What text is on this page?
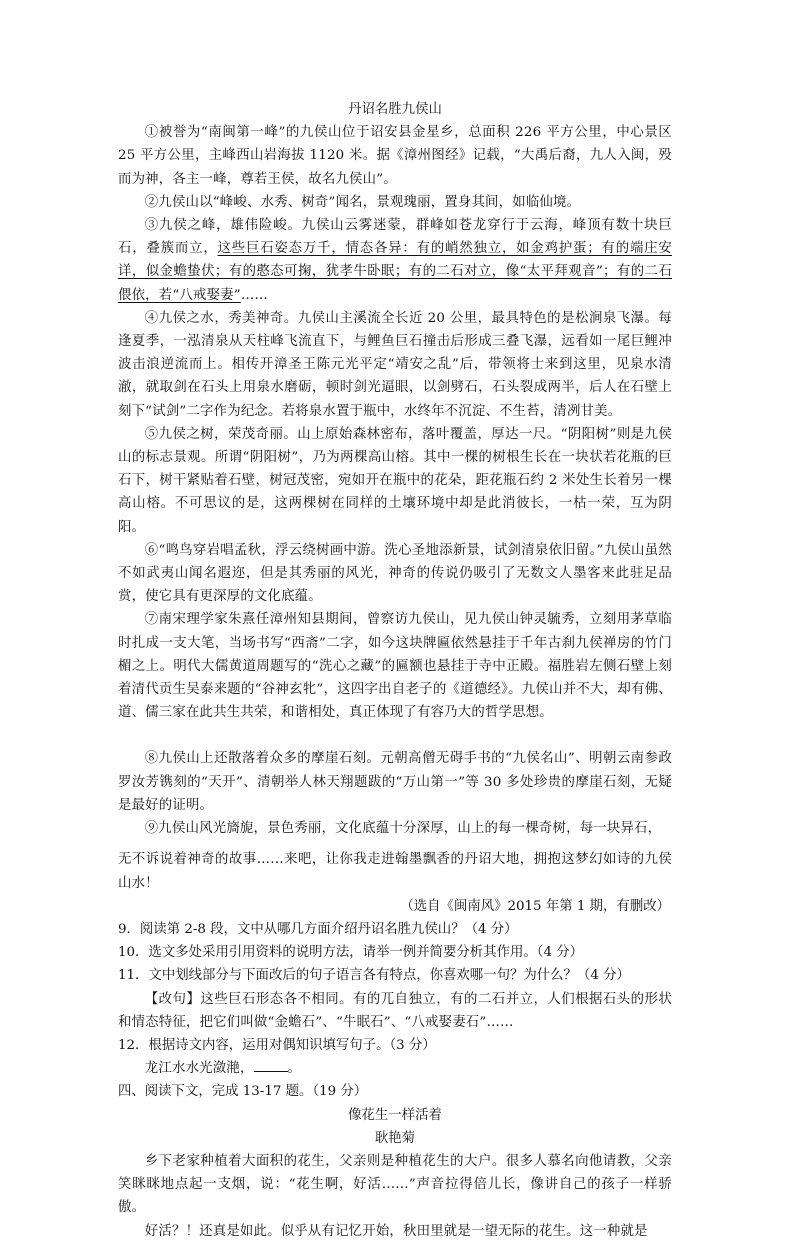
丹诏名胜九侯山

①被誉为“南闽第一峰”的九侯山位于诏安县金星乡，总面积 226 平方公里，中心景区 25 平方公里，主峰西山岩海拔 1120 米。据《漳州图经》记载，“大禹后裔，九人入闽，殁而为神，各主一峰，尊若王侯，故名九侯山”。

②九侯山以“峰峻、水秀、树奇”闻名，景观瑰丽，置身其间，如临仙境。

③九侯之峰，雄伟险峻。九侯山云雾迷蒙，群峰如苍龙穿行于云海，峰顶有数十块巨石，叠簇而立，这些巨石姿态万千，情态各异：有的峭然独立，如金鸡护蛋；有的端庄安详，似金蟾蛰伏；有的憨态可掬，犹孝牛卧眠；有的二石对立，像“太平拜观音”；有的二石偎依，若“八戒娶妻”……

④九侯之水，秀美神奇。九侯山主溪流全长近 20 公里，最具特色的是松涧泉飞瀑。每逢夏季，一泓清泉从天柱峰飞流直下，与鲤鱼巨石撞击后形成三叠飞瀑，远看如一尾巨鲤冲波击浪逆流而上。相传开漳圣王陈元光平定“靖安之乱”后，带领将士来到这里，见泉水清澈，就取剑在石头上用泉水磨砺，顿时剑光逼眼，以剑劈石，石头裂成两半，后人在石壁上刻下“试剑”二字作为纪念。若将泉水置于瓶中，水终年不沉淀、不生苔，清冽甘美。

⑤九侯之树，荣茂奇丽。山上原始森林密布，落叶覆盖，厚达一尺。“阴阳树”则是九侯山的标志景观。所谓“阴阳树”，乃为两棵高山榕。其中一棵的树根生长在一块状若花瓶的巨石下，树干紧贴着石壁，树冠茂密，宛如开在瓶中的花朵，距花瓶石约 2 米处生长着另一棵高山榕。不可思议的是，这两棵树在同样的土壤环境中却是此消彼长，一枯一荣，互为阴阳。

⑥“鸣鸟穿岩唱孟秋，浮云绕树画中游。洗心圣地添新景，试剑清泉依旧留。”九侯山虽然不如武夷山闻名遐迩，但是其秀丽的风光，神奇的传说仍吸引了无数文人墨客来此驻足品赏，使它具有更深厚的文化底蕴。

⑦南宋理学家朱熹任漳州知县期间，曾察访九侯山，见九侯山钟灵毓秀，立刻用茅草临时扎成一支大笔，当场书写“西斋”二字，如今这块牌匾依然悬挂于千年古刹九侯禅房的竹门楣之上。明代大儒黄道周题写的“洗心之藏”的匾额也悬挂于寺中正殿。福胜岩左侧石壁上刻着清代贡生吴泰来题的“谷神玄牝”，这四字出自老子的《道德经》。九侯山并不大，却有佛、道、儒三家在此共生共荣，和谐相处，真正体现了有容乃大的哲学思想。

⑧九侯山上还散落着众多的摩崖石刻。元朝高僧无碍手书的“九侯名山”、明朝云南参政罗汝芳镌刻的“天开”、清朝举人林天翔题跋的“万山第一”等 30 多处珍贵的摩崖石刻，无疑是最好的证明。

⑨九侯山风光旖旎，景色秀丽，文化底蕴十分深厚，山上的每一棵奇树，每一块异石，

无不诉说着神奇的故事……来吧，让你我走进翰墨飘香的丹诏大地，拥抱这梦幻如诗的九侯山水！

（选自《闽南风》2015 年第 1 期，有删改）

9．阅读第 2-8 段，文中从哪几方面介绍丹诏名胜九侯山？（4 分）

10．选文多处采用引用资料的说明方法，请举一例并简要分析其作用。（4 分）

11．文中划线部分与下面改后的句子语言各有特点，你喜欢哪一句？为什么？（4 分）

【改句】这些巨石形态各不相同。有的兀自独立，有的二石并立，人们根据石头的形状和情态特征，把它们叫做“金蟾石”、“牛眠石”、“八戒娶妻石”……

12．根据诗文内容，运用对偶知识填写句子。（3 分）

龙江水水光潋滟，	。

四、阅读下文，完成 13-17 题。（19 分）

像花生一样活着

耿艳菊

乡下老家种植着大面积的花生，父亲则是种植花生的大户。很多人慕名向他请教，父亲笑眯眯地点起一支烟，说：“花生啊，好活……”声音拉得倍儿长，像讲自己的孩子一样骄傲。

好活？！还真是如此。似乎从有记忆开始，秋田里就是一望无际的花生。这一种就是
